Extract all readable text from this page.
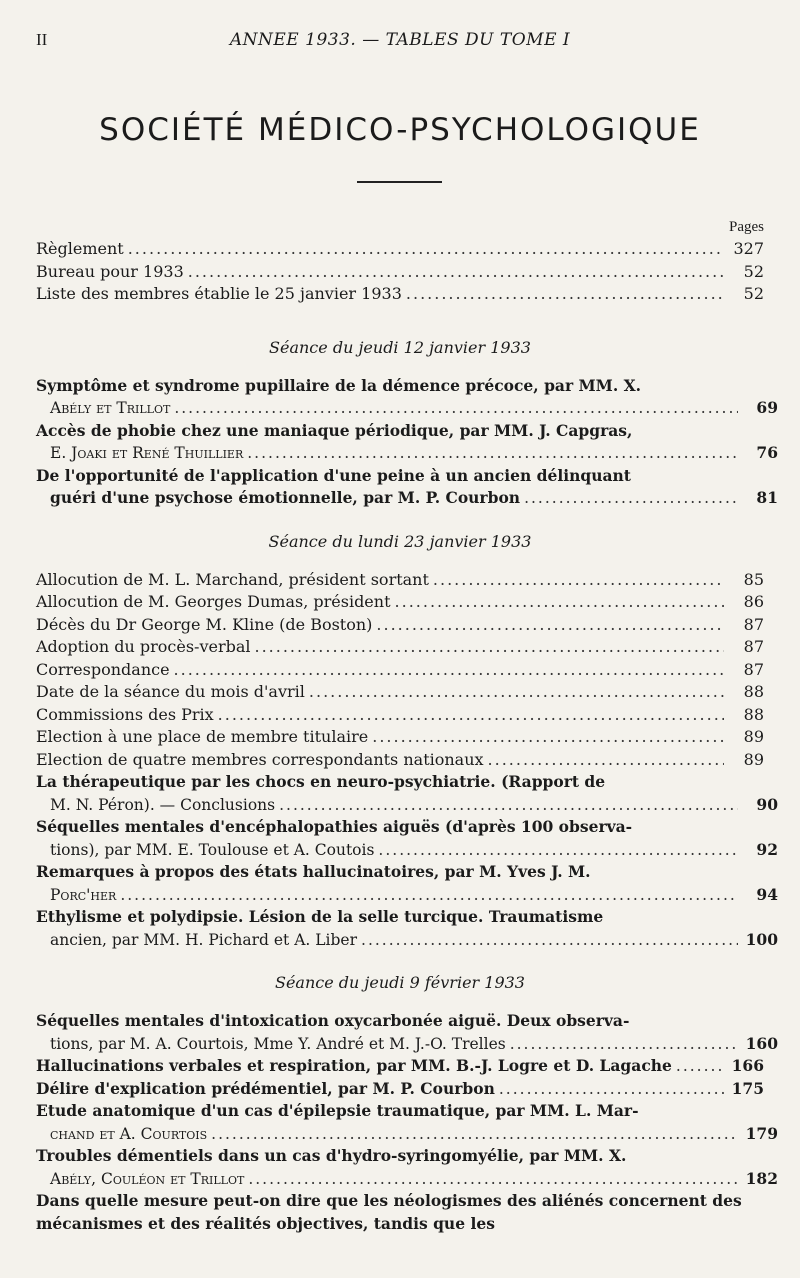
II	ANNEE 1933. — TABLES DU TOME I
SOCIÉTÉ MÉDICO-PSYCHOLOGIQUE
Pages
Règlement .....	327
Bureau pour 1933 .....	52
Liste des membres établie le 25 janvier 1933 .....	52
Séance du jeudi 12 janvier 1933
Symptôme et syndrome pupillaire de la démence précoce, par MM. X.
Abély et Trillot .....	69
Accès de phobie chez une maniaque périodique, par MM. J. Capgras,
E. Joaki et René Thuillier .....	76
De l'opportunité de l'application d'une peine à un ancien délinquant
guéri d'une psychose émotionnelle, par M. P. Courbon .....	81
Séance du lundi 23 janvier 1933
Allocution de M. L. Marchand, président sortant .....	85
Allocution de M. Georges Dumas, président .....	86
Décès du Dr George M. Kline (de Boston) .....	87
Adoption du procès-verbal .....	87
Correspondance .....	87
Date de la séance du mois d'avril .....	88
Commissions des Prix .....	88
Election à une place de membre titulaire .....	89
Election de quatre membres correspondants nationaux .....	89
La thérapeutique par les chocs en neuro-psychiatrie. (Rapport de
M. N. Péron). — Conclusions .....	90
Séquelles mentales d'encéphalopathies aiguës (d'après 100 observa-
tions), par MM. E. Toulouse et A. Coutois .....	92
Remarques à propos des états hallucinatoires, par M. Yves J. M.
Porc'her .....	94
Ethylisme et polydipsie. Lésion de la selle turcique. Traumatisme
ancien, par MM. H. Pichard et A. Liber .....	100
Séance du jeudi 9 février 1933
Séquelles mentales d'intoxication oxycarbonée aiguë. Deux observa-
tions, par M. A. Courtois, Mme Y. André et M. J.-O. Trelles .....	160
Hallucinations verbales et respiration, par MM. B.-J. Logre et D. Lagache .....	166
Délire d'explication prédémentiel, par M. P. Courbon .....	175
Etude anatomique d'un cas d'épilepsie traumatique, par MM. L. Mar-
chand et A. Courtois .....	179
Troubles démentiels dans un cas d'hydro-syringomyélie, par MM. X.
Abély, Couléon et Trillot .....	182
Dans quelle mesure peut-on dire que les néologismes des aliénés concernent des mécanismes et des réalités objectives, tandis que les
